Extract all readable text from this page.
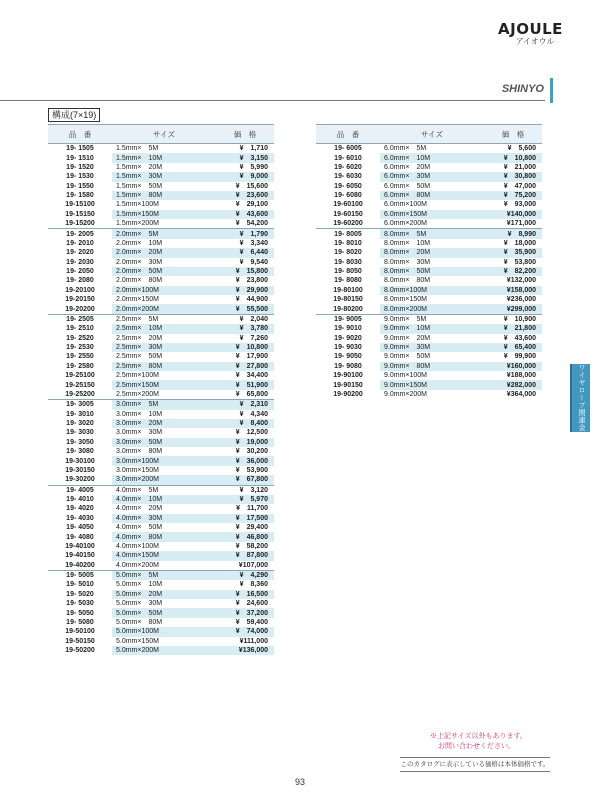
AJOULE
アイオウル
SHINYO
構成(7×19)
品　番	サイズ	価　格
19- 1505	1.5mm×　5M	¥　1,710
19- 1510	1.5mm×　10M	¥　3,150
19- 1520	1.5mm×　20M	¥　5,990
19- 1530	1.5mm×　30M	¥　9,000
19- 1550	1.5mm×　50M	¥　15,600
19- 1580	1.5mm×　80M	¥　23,600
19-15100	1.5mm×100M	¥　29,100
19-15150	1.5mm×150M	¥　43,600
19-15200	1.5mm×200M	¥　54,200
19- 2005	2.0mm×　5M	¥　1,790
19- 2010	2.0mm×　10M	¥　3,340
19- 2020	2.0mm×　20M	¥　6,440
19- 2030	2.0mm×　30M	¥　9,540
19- 2050	2.0mm×　50M	¥　15,800
19- 2080	2.0mm×　80M	¥　23,800
19-20100	2.0mm×100M	¥　29,900
19-20150	2.0mm×150M	¥　44,900
19-20200	2.0mm×200M	¥　55,500
19- 2505	2.5mm×　5M	¥　2,040
19- 2510	2.5mm×　10M	¥　3,780
19- 2520	2.5mm×　20M	¥　7,260
19- 2530	2.5mm×　30M	¥　10,800
19- 2550	2.5mm×　50M	¥　17,900
19- 2580	2.5mm×　80M	¥　27,800
19-25100	2.5mm×100M	¥　34,400
19-25150	2.5mm×150M	¥　51,900
19-25200	2.5mm×200M	¥　65,800
19- 3005	3.0mm×　5M	¥　2,310
19- 3010	3.0mm×　10M	¥　4,340
19- 3020	3.0mm×　20M	¥　8,400
19- 3030	3.0mm×　30M	¥　12,500
19- 3050	3.0mm×　50M	¥　19,000
19- 3080	3.0mm×　80M	¥　30,200
19-30100	3.0mm×100M	¥　36,000
19-30150	3.0mm×150M	¥　53,900
19-30200	3.0mm×200M	¥　67,800
19- 4005	4.0mm×　5M	¥　3,120
19- 4010	4.0mm×　10M	¥　5,970
19- 4020	4.0mm×　20M	¥　11,700
19- 4030	4.0mm×　30M	¥　17,500
19- 4050	4.0mm×　50M	¥　29,400
19- 4080	4.0mm×　80M	¥　46,800
19-40100	4.0mm×100M	¥　58,200
19-40150	4.0mm×150M	¥　87,800
19-40200	4.0mm×200M	¥107,000
19- 5005	5.0mm×　5M	¥　4,290
19- 5010	5.0mm×　10M	¥　8,360
19- 5020	5.0mm×　20M	¥　16,500
19- 5030	5.0mm×　30M	¥　24,600
19- 5050	5.0mm×　50M	¥　37,200
19- 5080	5.0mm×　80M	¥　59,400
19-50100	5.0mm×100M	¥　74,000
19-50150	5.0mm×150M	¥111,000
19-50200	5.0mm×200M	¥136,000
品　番	サイズ	価　格
19- 6005	6.0mm×　5M	¥　5,600
19- 6010	6.0mm×　10M	¥　10,800
19- 6020	6.0mm×　20M	¥　21,000
19- 6030	6.0mm×　30M	¥　30,800
19- 6050	6.0mm×　50M	¥　47,000
19- 6080	6.0mm×　80M	¥　75,200
19-60100	6.0mm×100M	¥　93,000
19-60150	6.0mm×150M	¥140,000
19-60200	6.0mm×200M	¥171,000
19- 8005	8.0mm×　5M	¥　8,990
19- 8010	8.0mm×　10M	¥　18,000
19- 8020	8.0mm×　20M	¥　35,900
19- 8030	8.0mm×　30M	¥　53,800
19- 8050	8.0mm×　50M	¥　82,200
19- 8080	8.0mm×　80M	¥132,000
19-80100	8.0mm×100M	¥158,000
19-80150	8.0mm×150M	¥236,000
19-80200	8.0mm×200M	¥299,000
19- 9005	9.0mm×　5M	¥　10,900
19- 9010	9.0mm×　10M	¥　21,800
19- 9020	9.0mm×　20M	¥　43,600
19- 9030	9.0mm×　30M	¥　65,400
19- 9050	9.0mm×　50M	¥　99,900
19- 9080	9.0mm×　80M	¥160,000
19-90100	9.0mm×100M	¥188,000
19-90150	9.0mm×150M	¥282,000
19-90200	9.0mm×200M	¥364,000	ワイヤロープ関連金具
※上記サイズ以外もあります。
お問い合わせください。
このカタログに表示している価格は本体価格です。
93
